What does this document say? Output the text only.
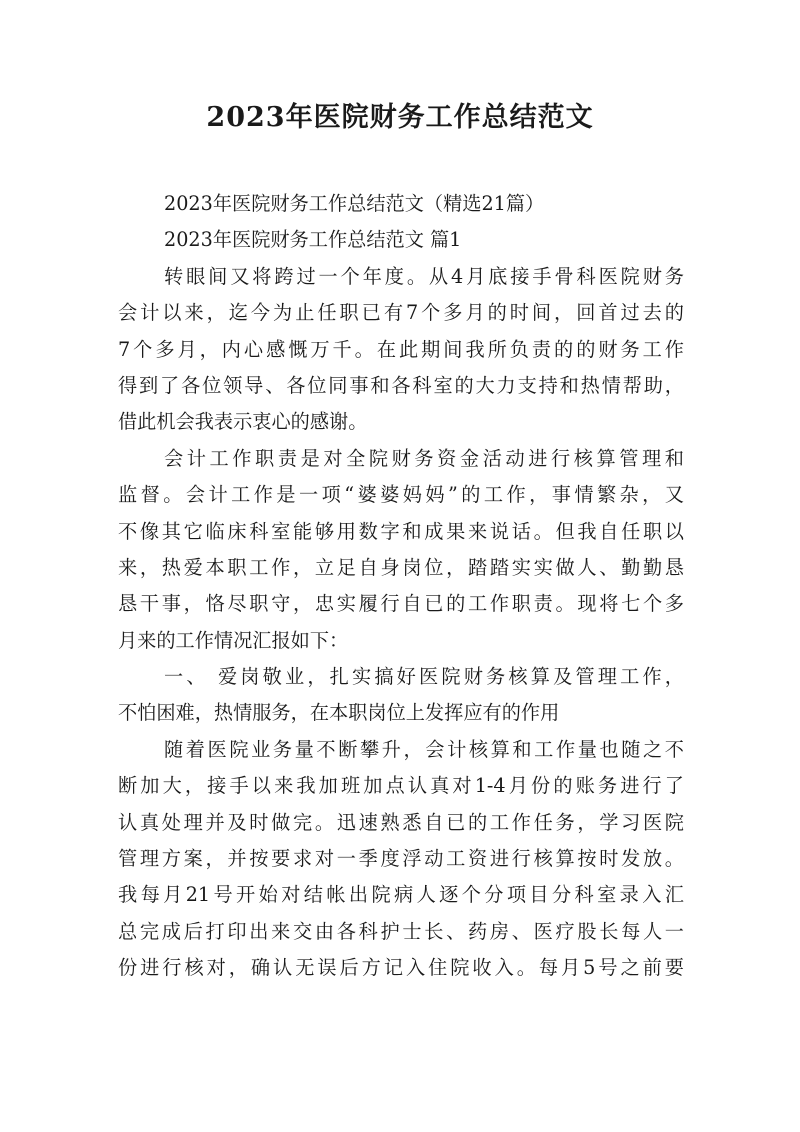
2023年医院财务工作总结范文
2023年医院财务工作总结范文（精选21篇）
2023年医院财务工作总结范文 篇1
转眼间又将跨过一个年度。从4月底接手骨科医院财务
会计以来，迄今为止任职已有7个多月的时间，回首过去的
7个多月，内心感慨万千。在此期间我所负责的的财务工作
得到了各位领导、各位同事和各科室的大力支持和热情帮助，
借此机会我表示衷心的感谢。
会计工作职责是对全院财务资金活动进行核算管理和
监督。会计工作是一项“婆婆妈妈”的工作，事情繁杂，又
不像其它临床科室能够用数字和成果来说话。但我自任职以
来，热爱本职工作，立足自身岗位，踏踏实实做人、勤勤恳
恳干事，恪尽职守，忠实履行自已的工作职责。现将七个多
月来的工作情况汇报如下：
一、 爱岗敬业，扎实搞好医院财务核算及管理工作，
不怕困难，热情服务，在本职岗位上发挥应有的作用
随着医院业务量不断攀升，会计核算和工作量也随之不
断加大，接手以来我加班加点认真对1-4月份的账务进行了
认真处理并及时做完。迅速熟悉自已的工作任务，学习医院
管理方案，并按要求对一季度浮动工资进行核算按时发放。
我每月21号开始对结帐出院病人逐个分项目分科室录入汇
总完成后打印出来交由各科护士长、药房、医疗股长每人一
份进行核对，确认无误后方记入住院收入。每月5号之前要
